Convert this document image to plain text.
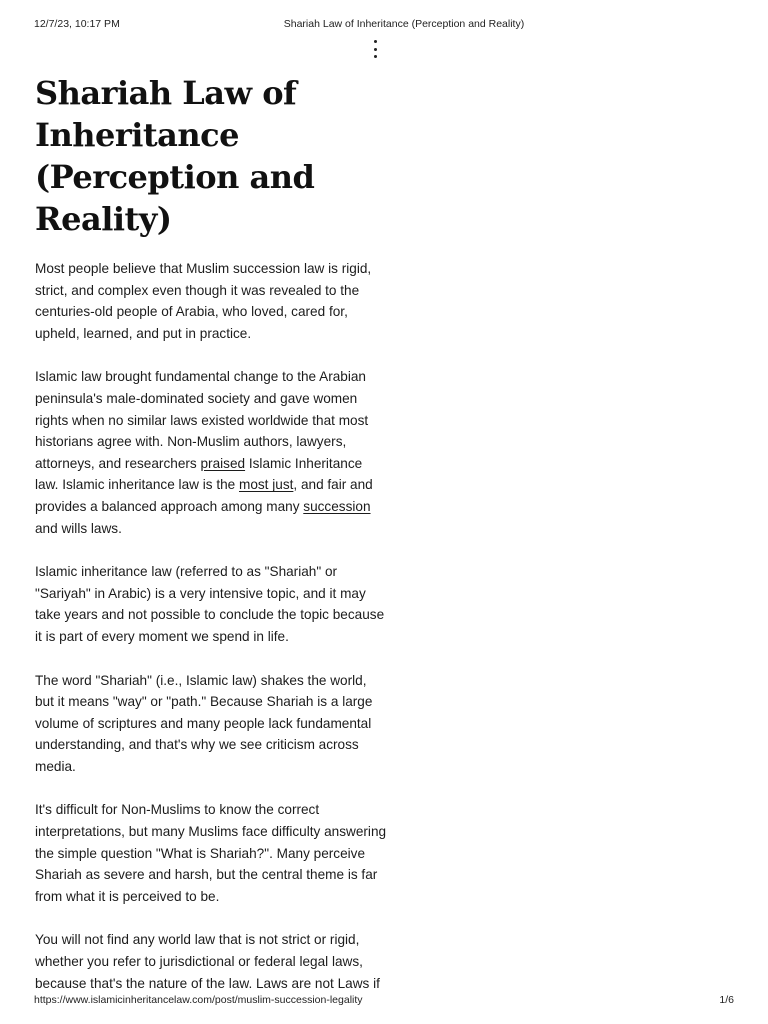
12/7/23, 10:17 PM	Shariah Law of Inheritance (Perception and Reality)
Shariah Law of Inheritance (Perception and Reality)

Most people believe that Muslim succession law is rigid, strict, and complex even though it was revealed to the centuries-old people of Arabia, who loved, cared for, upheld, learned, and put in practice.

Islamic law brought fundamental change to the Arabian peninsula's male-dominated society and gave women rights when no similar laws existed worldwide that most historians agree with. Non-Muslim authors, lawyers, attorneys, and researchers praised Islamic Inheritance law. Islamic inheritance law is the most just, and fair and provides a balanced approach among many succession and wills laws.

Islamic inheritance law (referred to as "Shariah" or "Sariyah" in Arabic) is a very intensive topic, and it may take years and not possible to conclude the topic because it is part of every moment we spend in life.

The word "Shariah" (i.e., Islamic law) shakes the world, but it means "way" or "path." Because Shariah is a large volume of scriptures and many people lack fundamental understanding, and that's why we see criticism across media.

It's difficult for Non-Muslims to know the correct interpretations, but many Muslims face difficulty answering the simple question "What is Shariah?". Many perceive Shariah as severe and harsh, but the central theme is far from what it is perceived to be.

You will not find any world law that is not strict or rigid, whether you refer to jurisdictional or federal legal laws, because that's the nature of the law. Laws are not Laws if

https://www.islamicinheritancelaw.com/post/muslim-succession-legality	1/6
